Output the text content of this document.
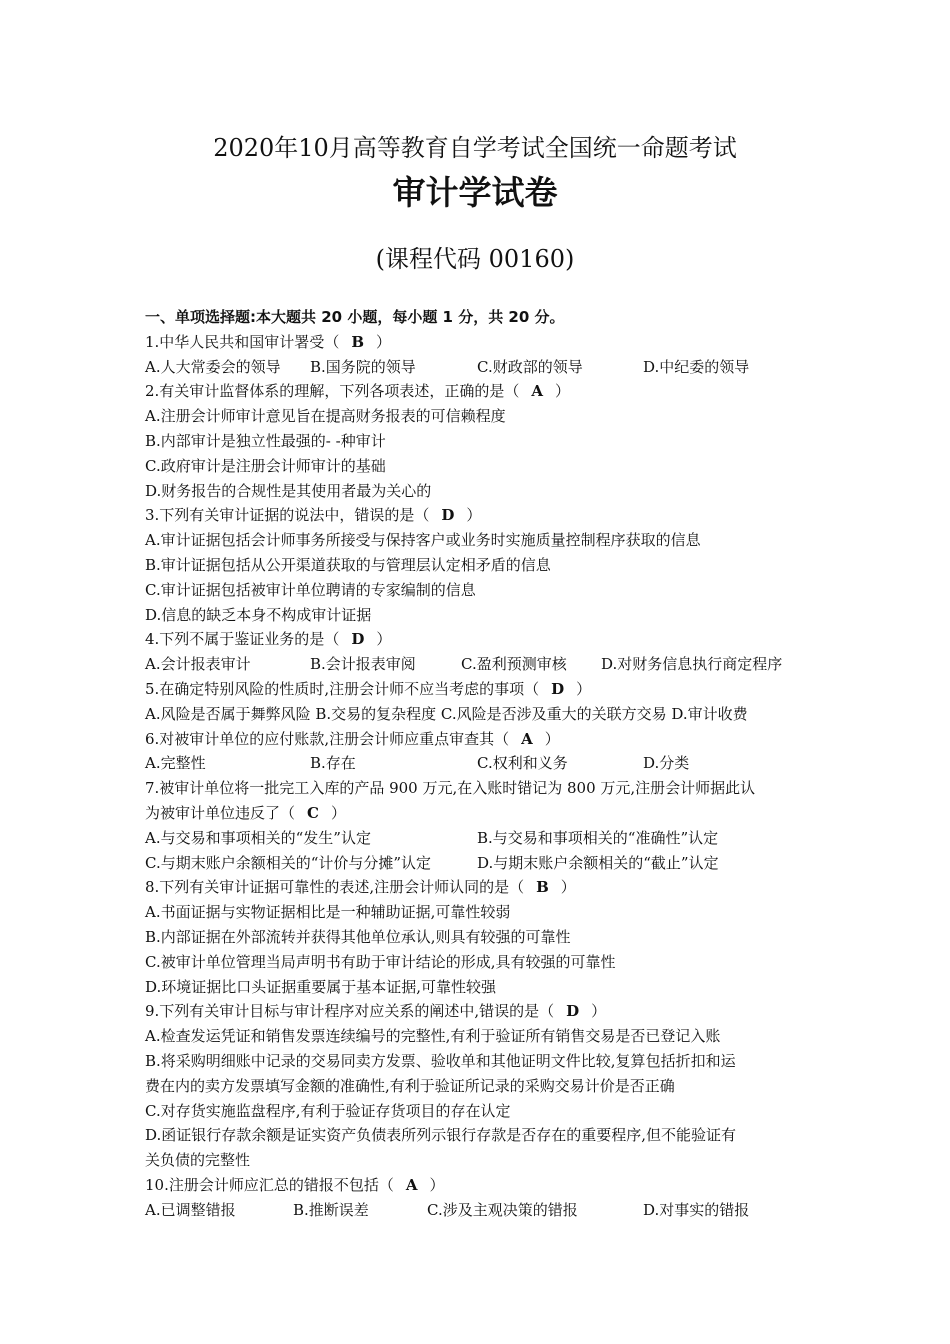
2020年10月高等教育自学考试全国统一命题考试
审计学试卷
(课程代码 00160)
一、单项选择题:本大题共 20 小题，每小题 1 分，共 20 分。
1.中华人民共和国审计署受（ B ）
A.人大常委会的领导 B.国务院的领导	C.财政部的领导	D.中纪委的领导
2.有关审计监督体系的理解，下列各项表述，正确的是（ A ）
A.注册会计师审计意见旨在提高财务报表的可信赖程度
B.内部审计是独立性最强的- -种审计
C.政府审计是注册会计师审计的基础
D.财务报告的合规性是其使用者最为关心的
3.下列有关审计证据的说法中，错误的是（ D ）
A.审计证据包括会计师事务所接受与保持客户或业务时实施质量控制程序获取的信息
B.审计证据包括从公开渠道获取的与管理层认定相矛盾的信息
C.审计证据包括被审计单位聘请的专家编制的信息
D.信息的缺乏本身不构成审计证据
4.下列不属于鉴证业务的是（ D ）
A.会计报表审计	B.会计报表审阅	C.盈利预测审核 D.对财务信息执行商定程序
5.在确定特别风险的性质时,注册会计师不应当考虑的事项（ D ）
A.风险是否属于舞弊风险 B.交易的复杂程度 C.风险是否涉及重大的关联方交易 D.审计收费
6.对被审计单位的应付账款,注册会计师应重点审查其（ A ）
A.完整性	B.存在	C.权利和义务	D.分类
7.被审计单位将一批完工入库的产品 900 万元,在入账时错记为 800 万元,注册会计师据此认
为被审计单位违反了（ C ）
A.与交易和事项相关的“发生”认定	B.与交易和事项相关的“准确性”认定
C.与期末账户余额相关的“计价与分摊”认定	D.与期末账户余额相关的“截止”认定
8.下列有关审计证据可靠性的表述,注册会计师认同的是（ B ）
A.书面证据与实物证据相比是一种辅助证据,可靠性较弱
B.内部证据在外部流转并获得其他单位承认,则具有较强的可靠性
C.被审计单位管理当局声明书有助于审计结论的形成,具有较强的可靠性
D.环境证据比口头证据重要属于基本证据,可靠性较强
9.下列有关审计目标与审计程序对应关系的阐述中,错误的是（ D ）
A.检查发运凭证和销售发票连续编号的完整性,有利于验证所有销售交易是否已登记入账
B.将采购明细账中记录的交易同卖方发票、验收单和其他证明文件比较,复算包括折扣和运
费在内的卖方发票填写金额的准确性,有利于验证所记录的采购交易计价是否正确
C.对存货实施监盘程序,有利于验证存货项目的存在认定
D.函证银行存款余额是证实资产负债表所列示银行存款是否存在的重要程序,但不能验证有
关负债的完整性
10.注册会计师应汇总的错报不包括（ A ）
A.已调整错报	B.推断误差	C.涉及主观决策的错报	D.对事实的错报
